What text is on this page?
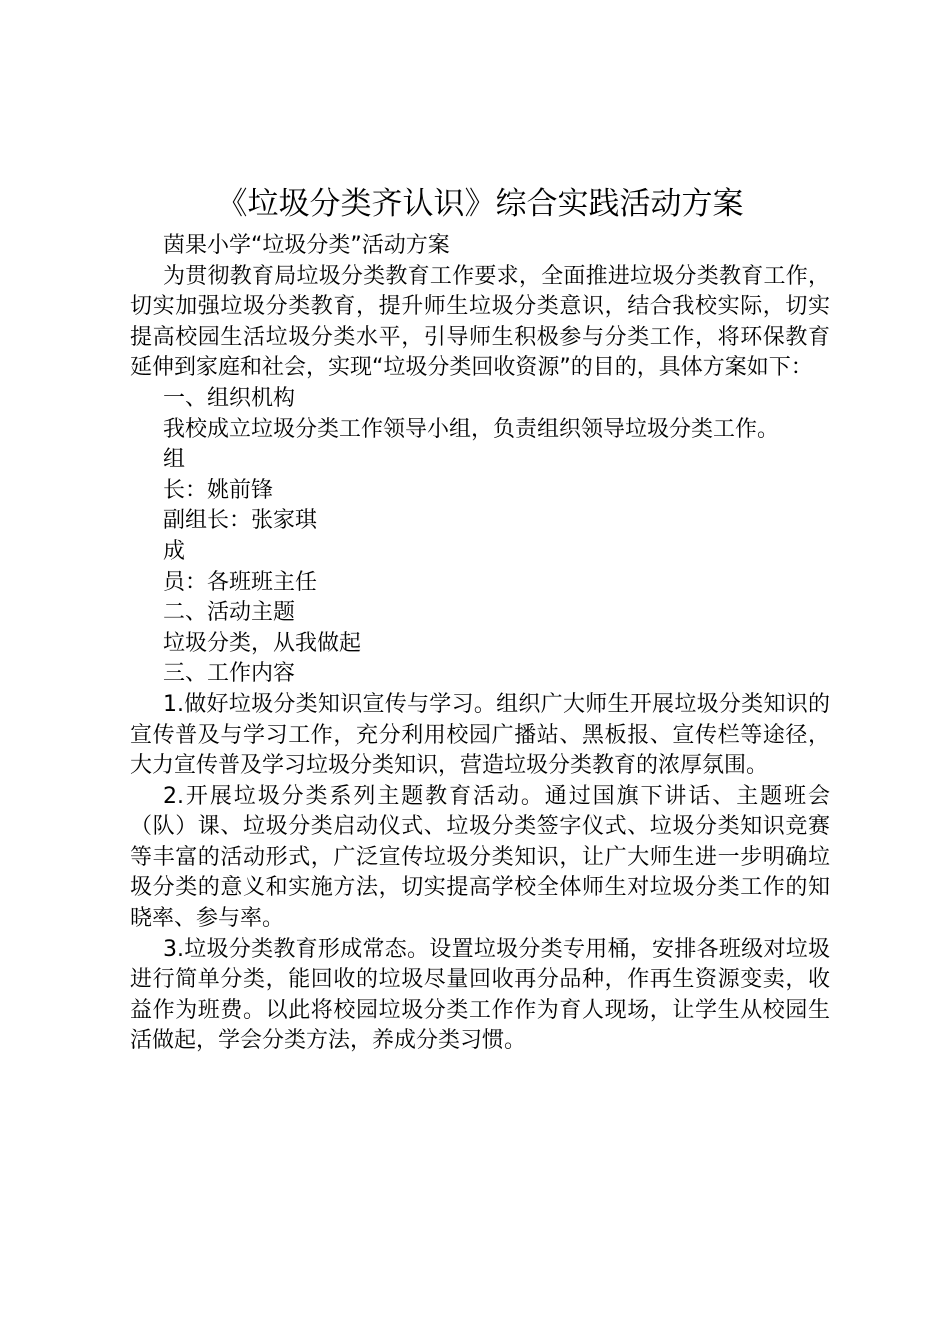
《垃圾分类齐认识》综合实践活动方案

茵果小学“垃圾分类”活动方案

为贯彻教育局垃圾分类教育工作要求，全面推进垃圾分类教育工作，切实加强垃圾分类教育，提升师生垃圾分类意识，结合我校实际，切实提高校园生活垃圾分类水平，引导师生积极参与分类工作，将环保教育延伸到家庭和社会，实现“垃圾分类回收资源”的目的，具体方案如下：

一、组织机构

我校成立垃圾分类工作领导小组，负责组织领导垃圾分类工作。

组

长：姚前锋

副组长：张家琪

成

员：各班班主任

二、活动主题

垃圾分类，从我做起

三、工作内容

1.做好垃圾分类知识宣传与学习。组织广大师生开展垃圾分类知识的宣传普及与学习工作，充分利用校园广播站、黑板报、宣传栏等途径，大力宣传普及学习垃圾分类知识，营造垃圾分类教育的浓厚氛围。

2.开展垃圾分类系列主题教育活动。通过国旗下讲话、主题班会（队）课、垃圾分类启动仪式、垃圾分类签字仪式、垃圾分类知识竞赛等丰富的活动形式，广泛宣传垃圾分类知识，让广大师生进一步明确垃圾分类的意义和实施方法，切实提高学校全体师生对垃圾分类工作的知晓率、参与率。

3.垃圾分类教育形成常态。设置垃圾分类专用桶，安排各班级对垃圾进行简单分类，能回收的垃圾尽量回收再分品种，作再生资源变卖，收益作为班费。以此将校园垃圾分类工作作为育人现场，让学生从校园生活做起，学会分类方法，养成分类习惯。
